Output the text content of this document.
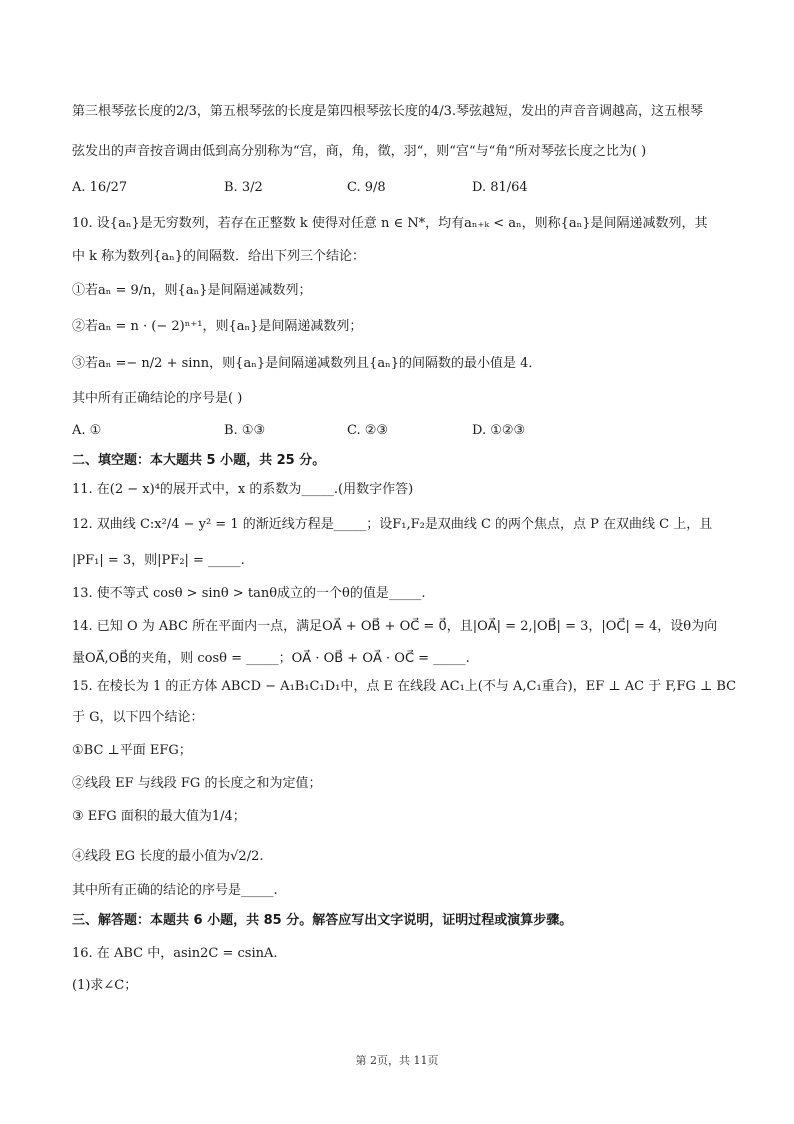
第三根琴弦长度的2/3，第五根琴弦的长度是第四根琴弦长度的4/3.琴弦越短，发出的声音音调越高，这五根琴
弦发出的声音按音调由低到高分别称为“宫，商，角，徵，羽“，则“宫“与“角“所对琴弦长度之比为( )
A. 16/27	B. 3/2	C. 9/8	D. 81/64
10. 设{aₙ}是无穷数列，若存在正整数 k 使得对任意 n ∈ N*，均有aₙ₊ₖ < aₙ，则称{aₙ}是间隔递减数列，其
中 k 称为数列{aₙ}的间隔数．给出下列三个结论：
①若aₙ = 9/n，则{aₙ}是间隔递减数列；
②若aₙ = n · (− 2)ⁿ⁺¹，则{aₙ}是间隔递减数列；
③若aₙ =− n/2 + sinn，则{aₙ}是间隔递减数列且{aₙ}的间隔数的最小值是 4．
其中所有正确结论的序号是( )
A. ①	B. ①③	C. ②③	D. ①②③
二、填空题：本大题共 5 小题，共 25 分。
11. 在(2 − x)⁴的展开式中，x 的系数为_____.(用数字作答)
12. 双曲线 C:x²/4 − y² = 1 的渐近线方程是_____；设F₁,F₂是双曲线 C 的两个焦点，点 P 在双曲线 C 上，且
|PF₁| = 3，则|PF₂| = _____.
13. 使不等式 cosθ > sinθ > tanθ成立的一个θ的值是_____.
14. 已知 O 为 ABC 所在平面内一点，满足OA⃗ + OB⃗ + OC⃗ = 0⃗，且|OA⃗| = 2,|OB⃗| = 3，|OC⃗| = 4，设θ为向
量OA⃗,OB⃗的夹角，则 cosθ = _____；OA⃗ · OB⃗ + OA⃗ · OC⃗ = _____.
15. 在棱长为 1 的正方体 ABCD − A₁B₁C₁D₁中，点 E 在线段 AC₁上(不与 A,C₁重合)，EF ⊥ AC 于 F,FG ⊥ BC
于 G，以下四个结论：
①BC ⊥平面 EFG；
②线段 EF 与线段 FG 的长度之和为定值；
③ EFG 面积的最大值为1/4；
④线段 EG 长度的最小值为√2/2.
其中所有正确的结论的序号是_____.
三、解答题：本题共 6 小题，共 85 分。解答应写出文字说明，证明过程或演算步骤。
16. 在 ABC 中，asin2C = csinA.
(1)求∠C；
第 2页，共 11页
